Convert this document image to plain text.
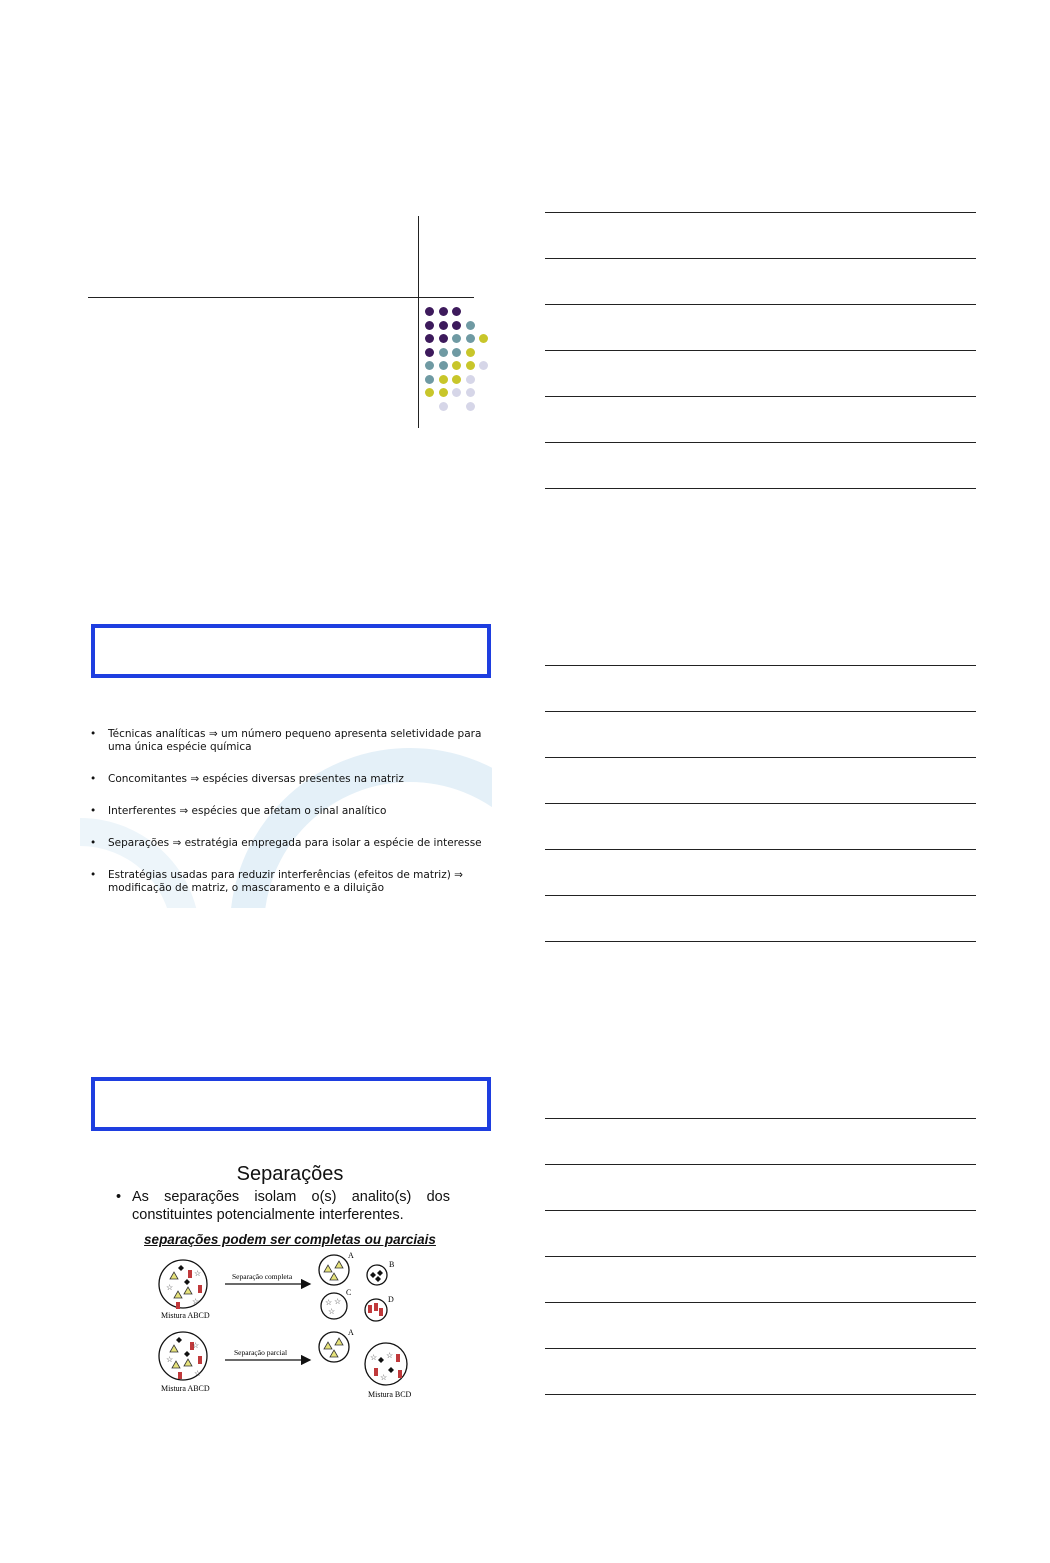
• Técnicas analíticas ⇒ um número pequeno apresenta seletividade para uma única espécie química
• Concomitantes ⇒ espécies diversas presentes na matriz
• Interferentes ⇒ espécies que afetam o sinal analítico
• Separações ⇒ estratégia empregada para isolar a espécie de interesse
• Estratégias usadas para reduzir interferências (efeitos de matriz) ⇒ modificação de matriz, o mascaramento e a diluição
Separações
• As separações isolam o(s) analito(s) dos constituintes potencialmente interferentes.
separações podem ser completas ou parciais
☆
☆
☆
Mistura ABCD
Separação completa
A
B
☆ ☆
☆
C
D
☆
☆
☆
Mistura ABCD
Separação parcial
A
☆ ☆
☆
Mistura BCD
